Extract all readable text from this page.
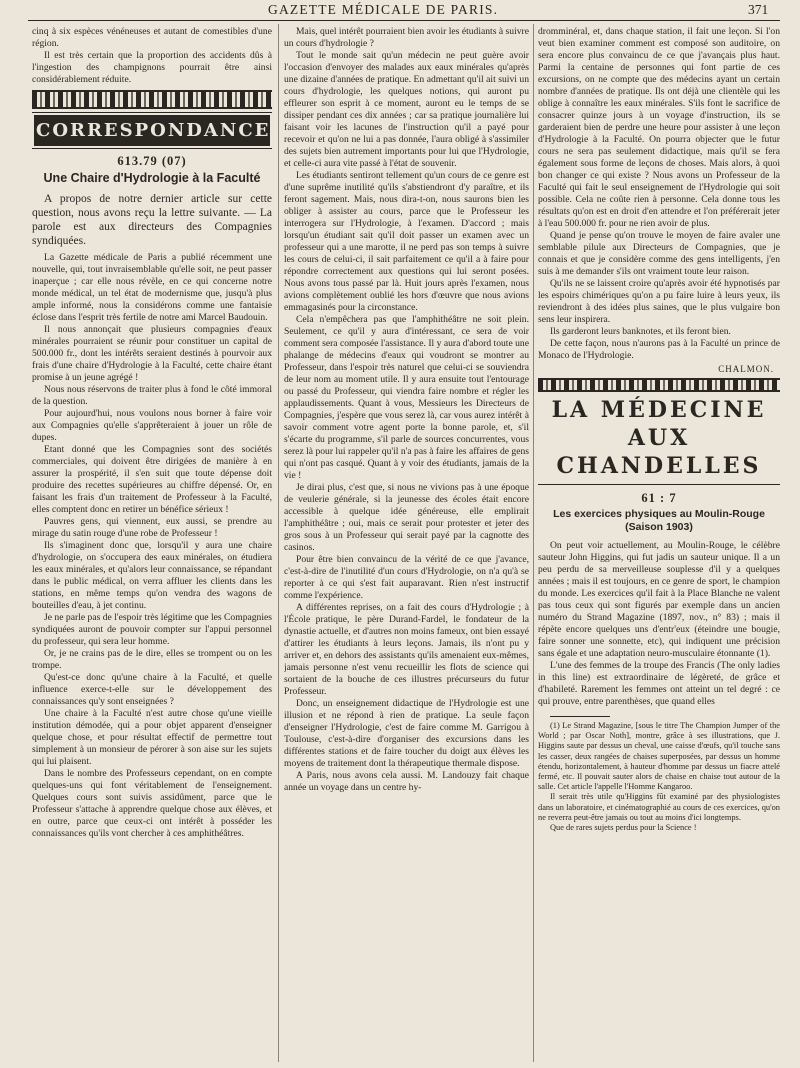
GAZETTE MÉDICALE DE PARIS.	371

cinq à six espèces vénéneuses et autant de comestibles d'une région.

Il est très certain que la proportion des accidents dûs à l'ingestion des champignons pourrait être ainsi considérablement réduite.

CORRESPONDANCE
613.79 (07)
Une Chaire d'Hydrologie à la Faculté

A propos de notre dernier article sur cette question, nous avons reçu la lettre suivante. — La parole est aux directeurs des Compagnies syndiquées.

La Gazette médicale de Paris a publié récemment une nouvelle, qui, tout invraisemblable qu'elle soit, ne peut passer inaperçue ; car elle nous révèle, en ce qui concerne notre monde médical, un tel état de modernisme que, jusqu'à plus ample informé, nous la considérons comme une fantaisie éclose dans l'esprit très fertile de notre ami Marcel Baudouin.

Il nous annonçait que plusieurs compagnies d'eaux minérales pourraient se réunir pour constituer un capital de 500.000 fr., dont les intérêts seraient destinés à pourvoir aux frais d'une chaire d'Hydrologie à la Faculté, cette chaire étant promise à un jeune agrégé !

Nous nous réservons de traiter plus à fond le côté immoral de la question.

Pour aujourd'hui, nous voulons nous borner à faire voir aux Compagnies qu'elle s'apprêteraient à jouer un rôle de dupes.

Etant donné que les Compagnies sont des sociétés commerciales, qui doivent être dirigées de manière à en assurer la prospérité, il s'en suit que toute dépense doit produire des recettes supérieures au chiffre dépensé. Or, en faisant les frais d'un traitement de Professeur à la Faculté, elles comptent donc en retirer un bénéfice sérieux !

Pauvres gens, qui viennent, eux aussi, se prendre au mirage du satin rouge d'une robe de Professeur !

Ils s'imaginent donc que, lorsqu'il y aura une chaire d'hydrologie, on s'occupera des eaux minérales, on étudiera les eaux minérales, et qu'alors leur connaissance, se répandant dans le public médical, on verra affluer les clients dans les stations, en même temps qu'on vendra des wagons de bouteilles d'eau, à jet continu.

Je ne parle pas de l'espoir très légitime que les Compagnies syndiquées auront de pouvoir compter sur l'appui personnel du professeur, qui sera leur homme.

Or, je ne crains pas de le dire, elles se trompent ou on les trompe.

Qu'est-ce donc qu'une chaire à la Faculté, et quelle influence exerce-t-elle sur le développement des connaissances qu'y sont enseignées ?

Une chaire à la Faculté n'est autre chose qu'une vieille institution démodée, qui a pour objet apparent d'enseigner quelque chose, et pour résultat effectif de permettre tout simplement à un monsieur de pérorer à son aise sur les sujets qui lui plaisent.

Dans le nombre des Professeurs cependant, on en compte quelques-uns qui font véritablement de l'enseignement. Quelques cours sont suivis assidûment, parce que le Professeur s'attache à apprendre quelque chose aux élèves, et en outre, parce que ceux-ci ont intérêt à posséder les connaissances qu'ils vont chercher à ces amphithéâtres.

Mais, quel intérêt pourraient bien avoir les étudiants à suivre un cours d'hydrologie ?

Tout le monde sait qu'un médecin ne peut guère avoir l'occasion d'envoyer des malades aux eaux minérales qu'après une dizaine d'années de pratique. En admettant qu'il ait suivi un cours d'hydrologie, les quelques notions, qui auront pu effleurer son esprit à ce moment, auront eu le temps de se dissiper pendant ces dix années ; car sa pratique journalière lui faisant voir les lacunes de l'instruction qu'il a payé pour recevoir et qu'on ne lui a pas donnée, l'aura obligé à s'assimiler des sujets bien autrement importants pour lui que l'Hydrologie, et celle-ci aura vite passé à l'état de souvenir.

Les étudiants sentiront tellement qu'un cours de ce genre est d'une suprême inutilité qu'ils s'abstiendront d'y paraître, et ils feront sagement. Mais, nous dira-t-on, nous saurons bien les obliger à assister au cours, parce que le Professeur les interrogera sur l'Hydrologie, à l'examen. D'accord ; mais lorsqu'un étudiant sait qu'il doit passer un examen avec un professeur qui a une marotte, il ne perd pas son temps à suivre les cours de celui-ci, il sait parfaitement ce qu'il a à faire pour répondre correctement aux questions qui lui seront posées. Nous avons tous passé par là. Huit jours après l'examen, nous avions complètement oublié les hors d'œuvre que nous avions emmagasinés pour la circonstance.

Cela n'empêchera pas que l'amphithéâtre ne soit plein. Seulement, ce qu'il y aura d'intéressant, ce sera de voir comment sera composée l'assistance. Il y aura d'abord toute une phalange de médecins d'eaux qui voudront se montrer au Professeur, dans l'espoir très naturel que celui-ci se souviendra de leur nom au moment utile. Il y aura ensuite tout l'entourage ou passé du Professeur, qui viendra faire nombre et régler les applaudissements. Quant à vous, Messieurs les Directeurs de Compagnies, j'espère que vous serez là, car vous aurez intérêt à savoir comment votre agent porte la bonne parole, et, s'il s'écarte du programme, s'il parle de sources concurrentes, vous serez là pour lui rappeler qu'il n'a pas à faire les affaires de gens qui n'ont pas casqué. Quant à y voir des étudiants, jamais de la vie !

Je dirai plus, c'est que, si nous ne vivions pas à une époque de veulerie générale, si la jeunesse des écoles était encore accessible à quelque idée généreuse, elle emplirait l'amphithéâtre ; oui, mais ce serait pour protester et jeter des gros sous à un Professeur qui serait payé par la cagnotte des casinos.

Pour être bien convaincu de la vérité de ce que j'avance, c'est-à-dire de l'inutilité d'un cours d'Hydrologie, on n'a qu'à se reporter à ce qui s'est fait auparavant. Rien n'est instructif comme l'expérience.

A différentes reprises, on a fait des cours d'Hydrologie ; à l'École pratique, le père Durand-Fardel, le fondateur de la dynastie actuelle, et d'autres non moins fameux, ont bien essayé d'attirer les étudiants à leurs leçons. Jamais, ils n'ont pu y arriver et, en dehors des assistants qu'ils amenaient eux-mêmes, jamais personne n'est venu recueillir les flots de science qui sortaient de la bouche de ces illustres précurseurs du futur Professeur.

Donc, un enseignement didactique de l'Hydrologie est une illusion et ne répond à rien de pratique. La seule façon d'enseigner l'Hydrologie, c'est de faire comme M. Garrigou à Toulouse, c'est-à-dire d'organiser des excursions dans les différentes stations et de faire toucher du doigt aux élèves les moyens de traitement dont la thérapeutique thermale dispose.

A Paris, nous avons cela aussi. M. Landouzy fait chaque année un voyage dans un centre hy-

dromminéral, et, dans chaque station, il fait une leçon. Si l'on veut bien examiner comment est composé son auditoire, on sera encore plus convaincu de ce que j'avançais plus haut. Parmi la centaine de personnes qui font partie de ces excursions, on ne compte que des médecins ayant un certain nombre d'années de pratique. Ils ont déjà une clientèle qui les oblige à connaître les eaux minérales. S'ils font le sacrifice de consacrer quinze jours à un voyage d'instruction, ils se garderaient bien de perdre une heure pour assister à une leçon d'Hydrologie à la Faculté. On pourra objecter que le futur cours ne sera pas seulement didactique, mais qu'il se fera également sous forme de leçons de choses. Mais alors, à quoi bon changer ce qui existe ? Nous avons un Professeur de la Faculté qui fait le seul enseignement de l'Hydrologie qui soit possible. Cela ne coûte rien à personne. Cela donne tous les résultats qu'on est en droit d'en attendre et l'on préférerait jeter à l'eau 500.000 fr. pour ne rien avoir de plus.

Quand je pense qu'on trouve le moyen de faire avaler une semblable pilule aux Directeurs de Compagnies, que je connais et que je considère comme des gens intelligents, j'en suis à me demander s'ils ont vraiment toute leur raison.

Qu'ils ne se laissent croire qu'après avoir été hypnotisés par les espoirs chimériques qu'on a pu faire luire à leurs yeux, ils reviendront à des idées plus saines, que le plus vulgaire bon sens leur inspirera.

Ils garderont leurs banknotes, et ils feront bien.

De cette façon, nous n'aurons pas à la Faculté un prince de Monaco de l'Hydrologie.

CHALMON.
LA MÉDECINE
AUX CHANDELLES
61 : 7
Les exercices physiques au Moulin-Rouge (Saison 1903)

On peut voir actuellement, au Moulin-Rouge, le célèbre sauteur John Higgins, qui fut jadis un sauteur unique. Il a un peu perdu de sa merveilleuse souplesse d'il y a quelques années ; mais il est toujours, en ce genre de sport, le champion du monde. Les exercices qu'il fait à la Place Blanche ne valent pas tous ceux qui sont figurés par exemple dans un ancien numéro du Strand Magazine (1897, nov., n° 83) ; mais il répète encore quelques uns d'entr'eux (éteindre une bougie, faire sonner une sonnette, etc), qui indiquent une précision sans égale et une adaptation neuro-musculaire étonnante (1).

L'une des femmes de la troupe des Francis (The only ladies in this line) est extraordinaire de légèreté, de grâce et d'habileté. Rarement les femmes ont atteint un tel degré : ce qui prouve, entre parenthèses, que quand elles

(1) Le Strand Magazine, [sous le titre The Champion Jumper of the World ; par Oscar Noth], montre, grâce à ses illustrations, que J. Higgins saute par dessus un cheval, une caisse d'œufs, qu'il touche sans les casser, deux rangées de chaises superposées, par dessus un homme étendu, horizontalement, à hauteur d'homme par dessus un fiacre attelé fermé, etc. Il pouvait sauter alors de chaise en chaise tout autour de la salle. Cet article l'appelle l'Homme Kangaroo.

Il serait très utile qu'Higgins fût examiné par des physiologistes dans un laboratoire, et cinématographié au cours de ces exercices, qu'on ne reverra peut-être jamais ou tout au moins d'ici longtemps.

Que de rares sujets perdus pour la Science !
